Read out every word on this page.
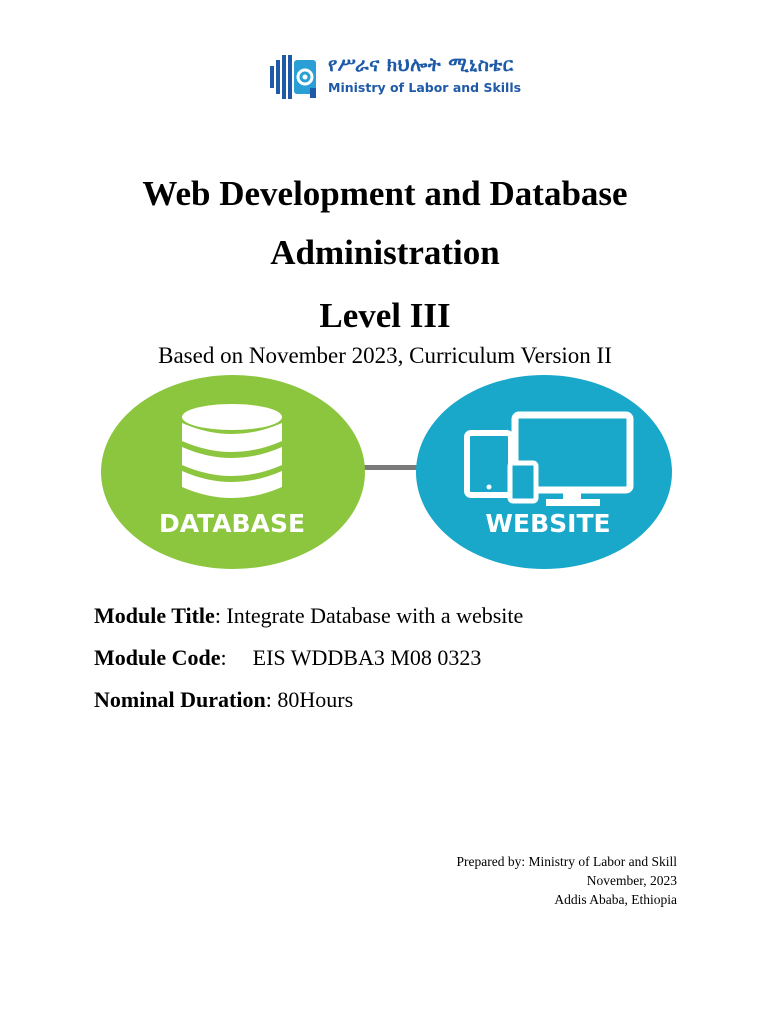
የሥራና ክህሎት ሚኒስቴር
Ministry of Labor and Skills
Web Development and Database
Administration
Level III
Based on November 2023, Curriculum Version II
DATABASE	WEBSITE
Module Title: Integrate Database with a website
Module Code: EIS WDDBA3 M08 0323
Nominal Duration: 80Hours
Prepared by: Ministry of Labor and Skill
November, 2023
Addis Ababa, Ethiopia
